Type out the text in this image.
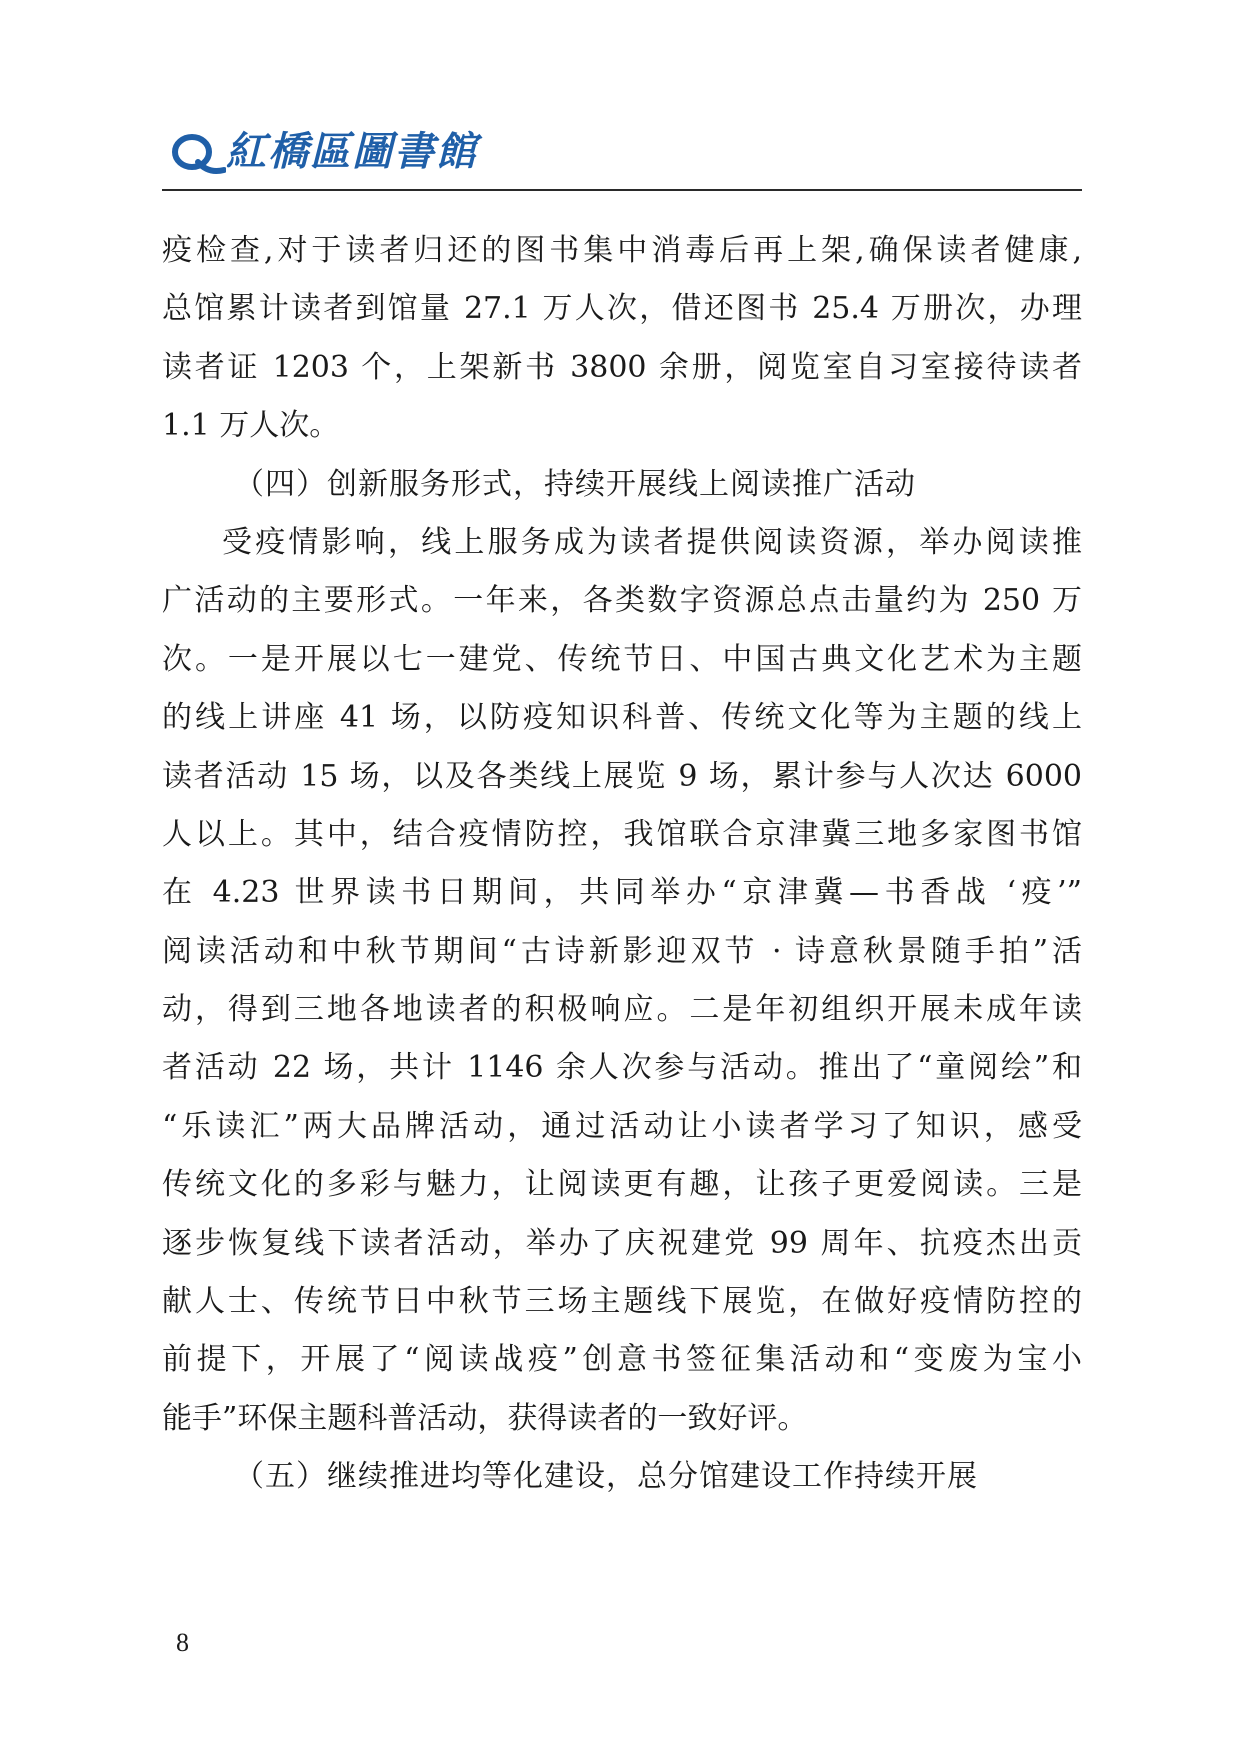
紅橋區圖書館
疫检查,对于读者归还的图书集中消毒后再上架,确保读者健康,
总馆累计读者到馆量 27.1 万人次，借还图书 25.4 万册次，办理
读者证 1203 个，上架新书 3800 余册，阅览室自习室接待读者
1.1 万人次。
（四）创新服务形式，持续开展线上阅读推广活动
受疫情影响，线上服务成为读者提供阅读资源，举办阅读推
广活动的主要形式。一年来，各类数字资源总点击量约为 250 万
次。一是开展以七一建党、传统节日、中国古典文化艺术为主题
的线上讲座 41 场，以防疫知识科普、传统文化等为主题的线上
读者活动 15 场，以及各类线上展览 9 场，累计参与人次达 6000
人以上。其中，结合疫情防控，我馆联合京津冀三地多家图书馆
在 4.23 世界读书日期间，共同举办“京津冀—书香战 ‘疫’”
阅读活动和中秋节期间“古诗新影迎双节 · 诗意秋景随手拍”活
动，得到三地各地读者的积极响应。二是年初组织开展未成年读
者活动 22 场，共计 1146 余人次参与活动。推出了“童阅绘”和
“乐读汇”两大品牌活动，通过活动让小读者学习了知识，感受
传统文化的多彩与魅力，让阅读更有趣，让孩子更爱阅读。三是
逐步恢复线下读者活动，举办了庆祝建党 99 周年、抗疫杰出贡
献人士、传统节日中秋节三场主题线下展览，在做好疫情防控的
前提下，开展了“阅读战疫”创意书签征集活动和“变废为宝小
能手”环保主题科普活动，获得读者的一致好评。
（五）继续推进均等化建设，总分馆建设工作持续开展
8
